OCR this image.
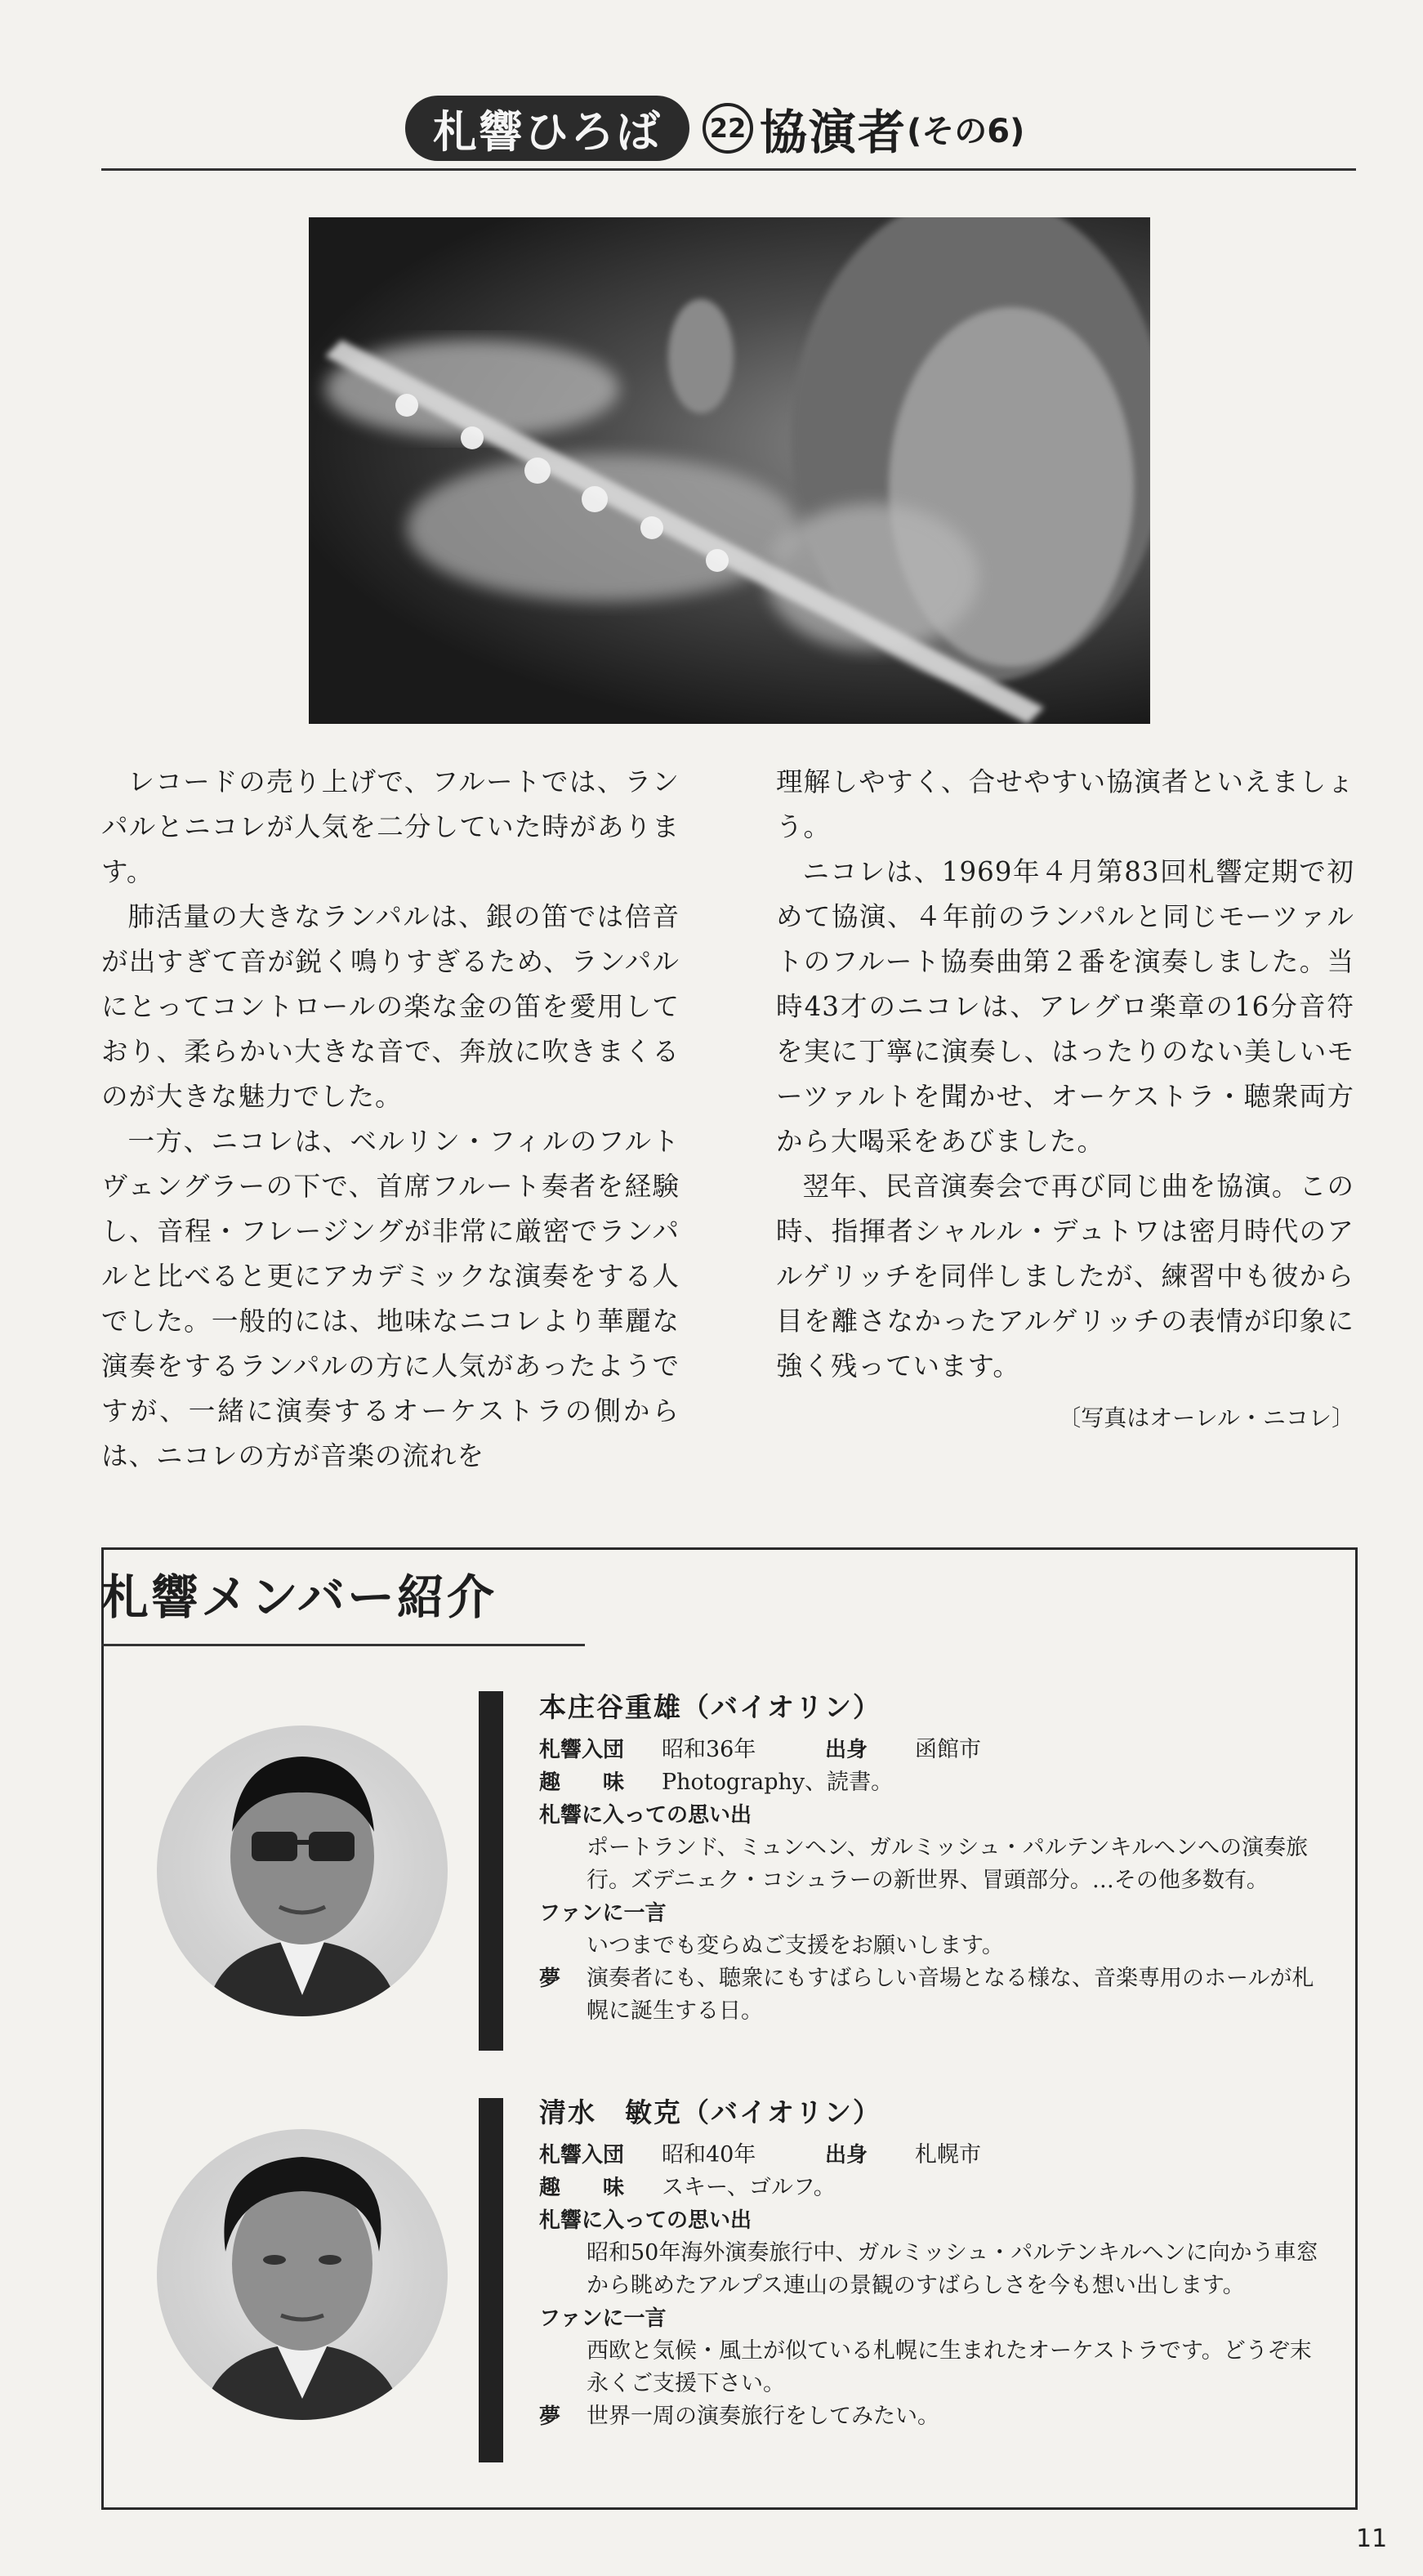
札響ひろば	22 協演者 (その6)

レコードの売り上げで、フルートでは、ランパルとニコレが人気を二分していた時があります。

肺活量の大きなランパルは、銀の笛では倍音が出すぎて音が鋭く鳴りすぎるため、ランパルにとってコントロールの楽な金の笛を愛用しており、柔らかい大きな音で、奔放に吹きまくるのが大きな魅力でした。

一方、ニコレは、ベルリン・フィルのフルトヴェングラーの下で、首席フルート奏者を経験し、音程・フレージングが非常に厳密でランパルと比べると更にアカデミックな演奏をする人でした。一般的には、地味なニコレより華麗な演奏をするランパルの方に人気があったようですが、一緒に演奏するオーケストラの側からは、ニコレの方が音楽の流れを

理解しやすく、合せやすい協演者といえましょう。

ニコレは、1969年４月第83回札響定期で初めて協演、４年前のランパルと同じモーツァルトのフルート協奏曲第２番を演奏しました。当時43才のニコレは、アレグロ楽章の16分音符を実に丁寧に演奏し、はったりのない美しいモーツァルトを聞かせ、オーケストラ・聴衆両方から大喝采をあびました。

翌年、民音演奏会で再び同じ曲を協演。この時、指揮者シャルル・デュトワは密月時代のアルゲリッチを同伴しましたが、練習中も彼から目を離さなかったアルゲリッチの表情が印象に強く残っています。

〔写真はオーレル・ニコレ〕
札響メンバー紹介
本庄谷重雄（バイオリン）
札響入団	昭和36年	出身	函館市
趣　　味	Photography、読書。
札響に入っての思い出
ポートランド、ミュンヘン、ガルミッシュ・パルテンキルヘンへの演奏旅行。ズデニェク・コシュラーの新世界、冒頭部分。…その他多数有。
ファンに一言
いつまでも変らぬご支援をお願いします。
夢	演奏者にも、聴衆にもすばらしい音場となる様な、音楽専用のホールが札幌に誕生する日。
清水　敏克（バイオリン）
札響入団	昭和40年	出身	札幌市
趣　　味	スキー、ゴルフ。
札響に入っての思い出
昭和50年海外演奏旅行中、ガルミッシュ・パルテンキルヘンに向かう車窓から眺めたアルプス連山の景観のすばらしさを今も想い出します。
ファンに一言
西欧と気候・風土が似ている札幌に生まれたオーケストラです。どうぞ末永くご支援下さい。
夢	世界一周の演奏旅行をしてみたい。
11
